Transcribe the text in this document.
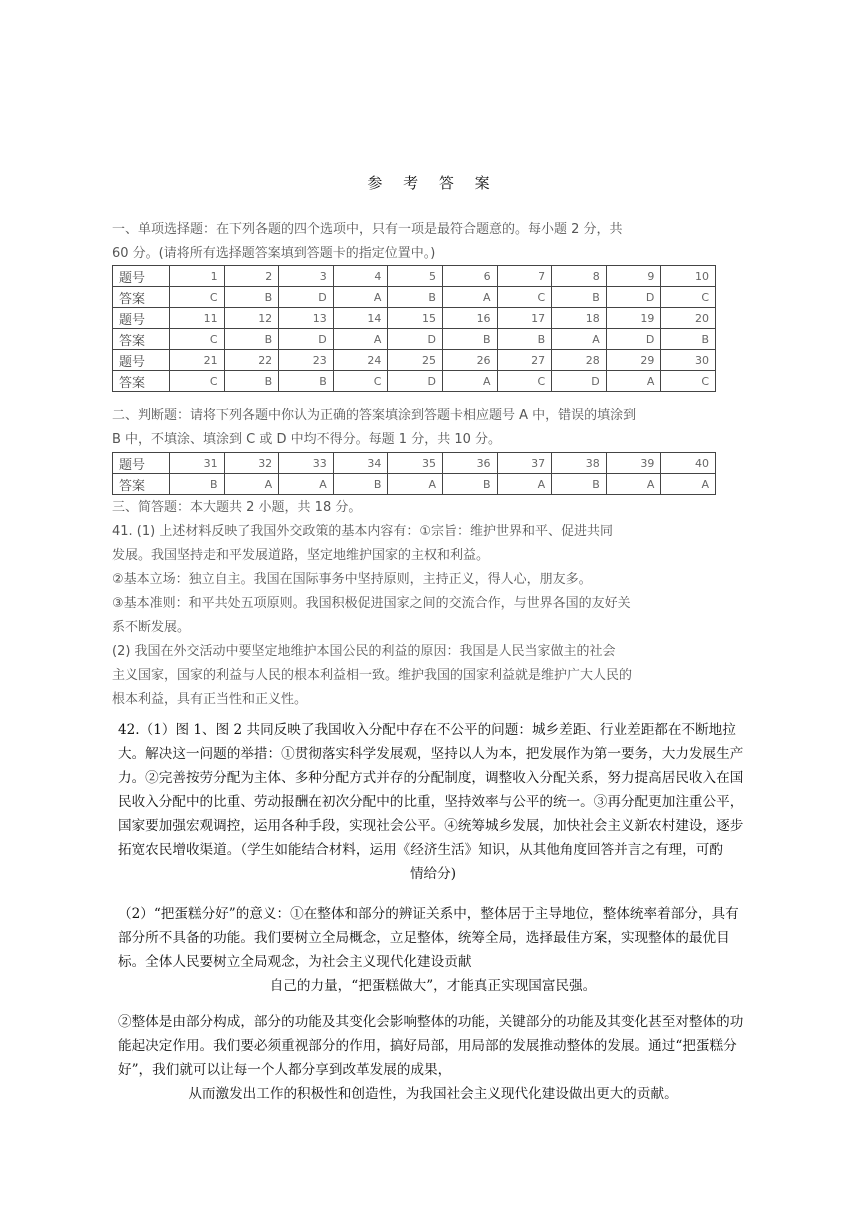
参 考 答 案
一、单项选择题：在下列各题的四个选项中，只有一项是最符合题意的。每小题 2 分，共
60 分。(请将所有选择题答案填到答题卡的指定位置中。)
题号	1	2	3	4	5	6	7	8	9	10
答案	C	B	D	A	B	A	C	B	D	C
题号	11	12	13	14	15	16	17	18	19	20
答案	C	B	D	A	D	B	B	A	D	B
题号	21	22	23	24	25	26	27	28	29	30
答案	C	B	B	C	D	A	C	D	A	C
二、判断题：请将下列各题中你认为正确的答案填涂到答题卡相应题号 A 中，错误的填涂到
B 中，不填涂、填涂到 C 或 D 中均不得分。每题 1 分，共 10 分。
题号	31	32	33	34	35	36	37	38	39	40
答案	B	A	A	B	A	B	A	B	A	A
三、简答题：本大题共 2 小题，共 18 分。
41. (1) 上述材料反映了我国外交政策的基本内容有：①宗旨：维护世界和平、促进共同
发展。我国坚持走和平发展道路，坚定地维护国家的主权和利益。
②基本立场：独立自主。我国在国际事务中坚持原则，主持正义，得人心，朋友多。
③基本准则：和平共处五项原则。我国积极促进国家之间的交流合作，与世界各国的友好关
系不断发展。
(2) 我国在外交活动中要坚定地维护本国公民的利益的原因：我国是人民当家做主的社会
主义国家，国家的利益与人民的根本利益相一致。维护我国的国家利益就是维护广大人民的
根本利益，具有正当性和正义性。

42.（1）图 1、图 2 共同反映了我国收入分配中存在不公平的问题：城乡差距、行业差距都在不断地拉大。解决这一问题的举措：①贯彻落实科学发展观，坚持以人为本，把发展作为第一要务，大力发展生产力。②完善按劳分配为主体、多种分配方式并存的分配制度，调整收入分配关系，努力提高居民收入在国民收入分配中的比重、劳动报酬在初次分配中的比重，坚持效率与公平的统一。③再分配更加注重公平，国家要加强宏观调控，运用各种手段，实现社会公平。④统筹城乡发展，加快社会主义新农村建设，逐步拓宽农民增收渠道。（学生如能结合材料，运用《经济生活》知识，从其他角度回答并言之有理，可酌

情给分)

（2）“把蛋糕分好”的意义：①在整体和部分的辨证关系中，整体居于主导地位，整体统率着部分，具有部分所不具备的功能。我们要树立全局概念，立足整体，统筹全局，选择最佳方案，实现整体的最优目标。全体人民要树立全局观念，为社会主义现代化建设贡献

自己的力量，“把蛋糕做大”，才能真正实现国富民强。

②整体是由部分构成，部分的功能及其变化会影响整体的功能，关键部分的功能及其变化甚至对整体的功能起决定作用。我们要必须重视部分的作用，搞好局部，用局部的发展推动整体的发展。通过“把蛋糕分好”，我们就可以让每一个人都分享到改革发展的成果，

从而激发出工作的积极性和创造性，为我国社会主义现代化建设做出更大的贡献。
